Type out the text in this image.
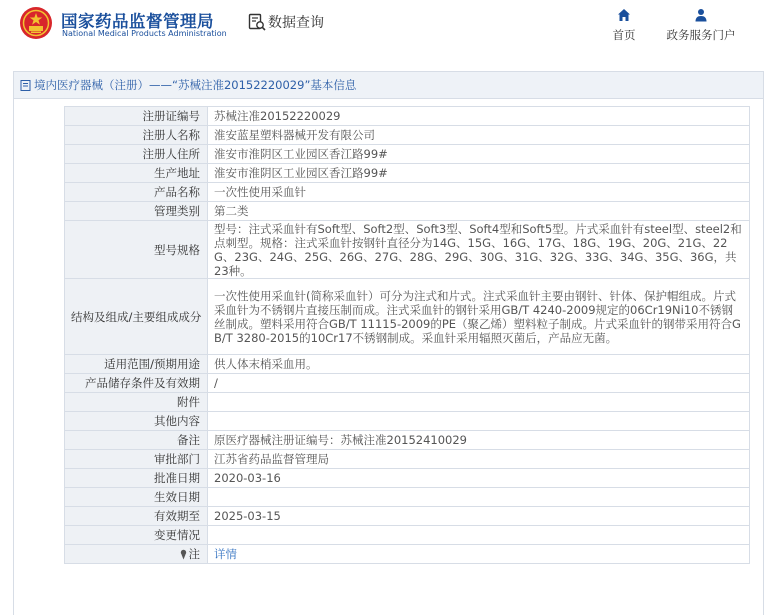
国家药品监督管理局
National Medical Products Administration
数据查询
首页	政务服务门户
境内医疗器械（注册）——“苏械注准20152220029”基本信息
注册证编号	苏械注准20152220029
注册人名称	淮安蓝星塑料器械开发有限公司
注册人住所	淮安市淮阴区工业园区香江路99#
生产地址	淮安市淮阴区工业园区香江路99#
产品名称	一次性使用采血针
管理类别	第二类
型号规格	型号：注式采血针有Soft型、Soft2型、Soft3型、Soft4型和Soft5型。片式采血针有steel型、steel2和点刺型。规格：注式采血针按钢针直径分为14G、15G、16G、17G、18G、19G、20G、21G、22G、23G、24G、25G、26G、27G、28G、29G、30G、31G、32G、33G、34G、35G、36G，共23种。
结构及组成/主要组成成分	一次性使用采血针(简称采血针）可分为注式和片式。注式采血针主要由钢针、针体、保护帽组成。片式采血针为不锈钢片直接压制而成。注式采血针的钢针采用GB/T 4240-2009规定的06Cr19Ni10不锈钢丝制成。塑料采用符合GB/T 11115-2009的PE（聚乙烯）塑料粒子制成。片式采血针的钢带采用符合GB/T 3280-2015的10Cr17不锈钢制成。采血针采用辐照灭菌后，产品应无菌。
适用范围/预期用途	供人体末梢采血用。
产品储存条件及有效期	/
附件	
其他内容	
备注	原医疗器械注册证编号：苏械注准20152410029
审批部门	江苏省药品监督管理局
批准日期	2020-03-16
生效日期	
有效期至	2025-03-15
变更情况	
注	详情
